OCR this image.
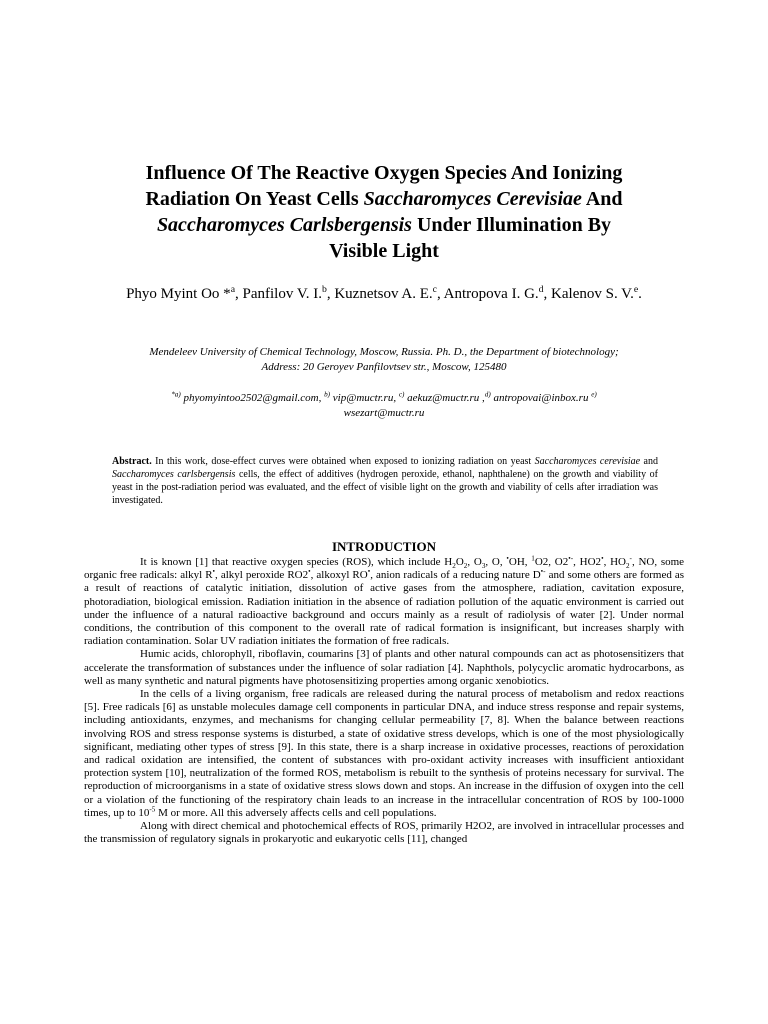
Influence Of The Reactive Oxygen Species And Ionizing
Radiation On Yeast Cells Saccharomyces Cerevisiae And
Saccharomyces Carlsbergensis Under Illumination By
Visible Light

Phyo Myint Oo *$^a$, Panfilov V. I.$^b$, Kuznetsov A. E.$^c$, Antropova I. G.$^d$, Kalenov S. V.$^e$.

Mendeleev University of Chemical Technology, Moscow, Russia. Ph. D., the Department of biotechnology;
Address: 20 Geroyev Panfilovtsev str., Moscow, 125480

$^{*a)}$ phyomyintoo2502@gmail.com, $^{b)}$ vip@muctr.ru, $^{c)}$ aekuz@muctr.ru ,$^{d)}$ antropovai@inbox.ru $^{e)}$
wsezart@muctr.ru

Abstract. In this work, dose-effect curves were obtained when exposed to ionizing radiation on yeast Saccharomyces cerevisiae and Saccharomyces carlsbergensis cells, the effect of additives (hydrogen peroxide, ethanol, naphthalene) on the growth and viability of yeast in the post-radiation period was evaluated, and the effect of visible light on the growth and viability of cells after irradiation was investigated.

INTRODUCTION

It is known [1] that reactive oxygen species (ROS), which include $H_2O_2$, $O_3$, O, •OH, $^1$O2, O2•-, HO2•, $HO_2^-$, NO, some organic free radicals: alkyl R•, alkyl peroxide RO2•, alkoxyl RO•, anion radicals of a reducing nature D•- and some others are formed as a result of reactions of catalytic initiation, dissolution of active gases from the atmosphere, radiation, cavitation exposure, photoradiation, biological emission. Radiation initiation in the absence of radiation pollution of the aquatic environment is carried out under the influence of a natural radioactive background and occurs mainly as a result of radiolysis of water [2]. Under normal conditions, the contribution of this component to the overall rate of radical formation is insignificant, but increases sharply with radiation contamination. Solar UV radiation initiates the formation of free radicals.

Humic acids, chlorophyll, riboflavin, coumarins [3] of plants and other natural compounds can act as photosensitizers that accelerate the transformation of substances under the influence of solar radiation [4]. Naphthols, polycyclic aromatic hydrocarbons, as well as many synthetic and natural pigments have photosensitizing properties among organic xenobiotics.

In the cells of a living organism, free radicals are released during the natural process of metabolism and redox reactions [5]. Free radicals [6] as unstable molecules damage cell components in particular DNA, and induce stress response and repair systems, including antioxidants, enzymes, and mechanisms for changing cellular permeability [7, 8]. When the balance between reactions involving ROS and stress response systems is disturbed, a state of oxidative stress develops, which is one of the most physiologically significant, mediating other types of stress [9]. In this state, there is a sharp increase in oxidative processes, reactions of peroxidation and radical oxidation are intensified, the content of substances with pro-oxidant activity increases with insufficient antioxidant protection system [10], neutralization of the formed ROS, metabolism is rebuilt to the synthesis of proteins necessary for survival. The reproduction of microorganisms in a state of oxidative stress slows down and stops. An increase in the diffusion of oxygen into the cell or a violation of the functioning of the respiratory chain leads to an increase in the intracellular concentration of ROS by 100-1000 times, up to $10^{-5}$ M or more. All this adversely affects cells and cell populations.

Along with direct chemical and photochemical effects of ROS, primarily H2O2, are involved in intracellular processes and the transmission of regulatory signals in prokaryotic and eukaryotic cells [11], changed
